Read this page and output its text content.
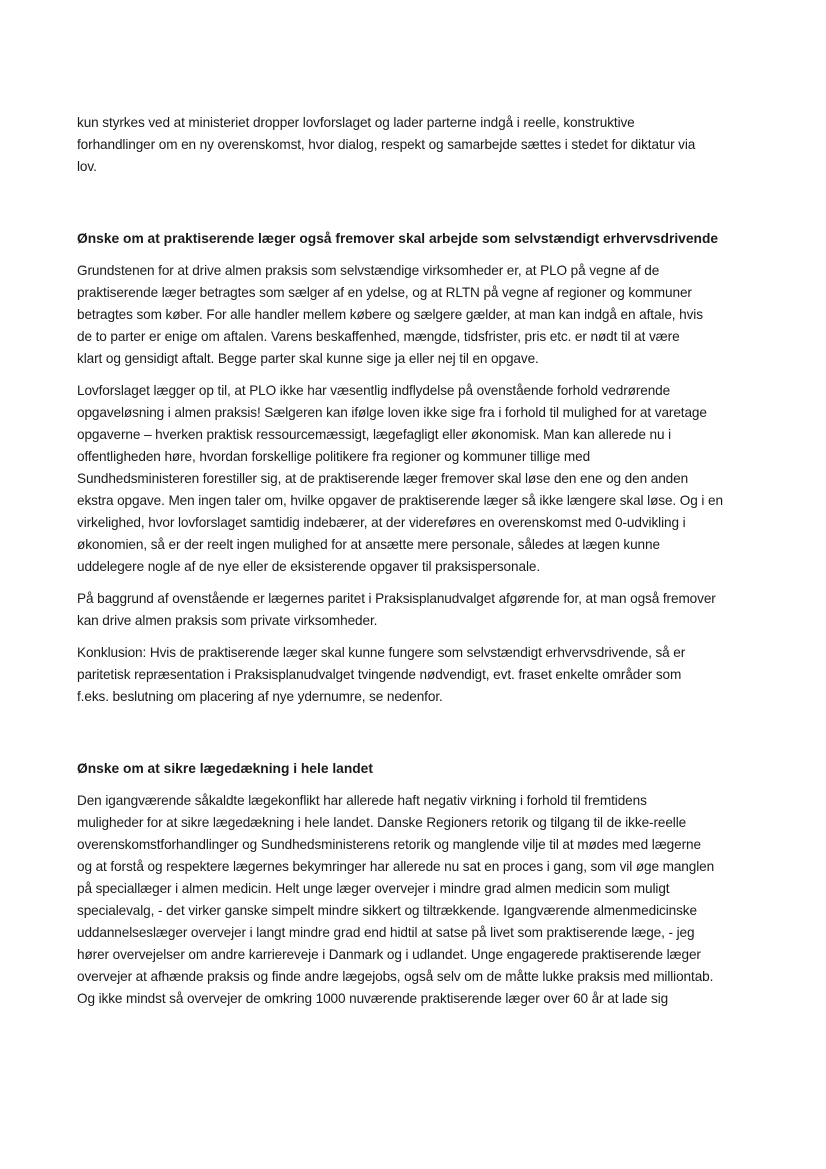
kun styrkes ved at ministeriet dropper lovforslaget og lader parterne indgå i reelle, konstruktive
forhandlinger om en ny overenskomst, hvor dialog, respekt og samarbejde sættes i stedet for diktatur via
lov.

Ønske om at praktiserende læger også fremover skal arbejde som selvstændigt erhvervsdrivende

Grundstenen for at drive almen praksis som selvstændige virksomheder er, at PLO på vegne af de
praktiserende læger betragtes som sælger af en ydelse, og at RLTN på vegne af regioner og kommuner
betragtes som køber. For alle handler mellem købere og sælgere gælder, at man kan indgå en aftale, hvis
de to parter er enige om aftalen. Varens beskaffenhed, mængde, tidsfrister, pris etc. er nødt til at være
klart og gensidigt aftalt. Begge parter skal kunne sige ja eller nej til en opgave.

Lovforslaget lægger op til, at PLO ikke har væsentlig indflydelse på ovenstående forhold vedrørende
opgaveløsning i almen praksis! Sælgeren kan ifølge loven ikke sige fra i forhold til mulighed for at varetage
opgaverne – hverken praktisk ressourcemæssigt, lægefagligt eller økonomisk. Man kan allerede nu i
offentligheden høre, hvordan forskellige politikere fra regioner og kommuner tillige med
Sundhedsministeren forestiller sig, at de praktiserende læger fremover skal løse den ene og den anden
ekstra opgave. Men ingen taler om, hvilke opgaver de praktiserende læger så ikke længere skal løse. Og i en
virkelighed, hvor lovforslaget samtidig indebærer, at der videreføres en overenskomst med 0-udvikling i
økonomien, så er der reelt ingen mulighed for at ansætte mere personale, således at lægen kunne
uddelegere nogle af de nye eller de eksisterende opgaver til praksispersonale.

På baggrund af ovenstående er lægernes paritet i Praksisplanudvalget afgørende for, at man også fremover
kan drive almen praksis som private virksomheder.

Konklusion: Hvis de praktiserende læger skal kunne fungere som selvstændigt erhvervsdrivende, så er
paritetisk repræsentation i Praksisplanudvalget tvingende nødvendigt, evt. fraset enkelte områder som
f.eks. beslutning om placering af nye ydernumre, se nedenfor.

Ønske om at sikre lægedækning i hele landet

Den igangværende såkaldte lægekonflikt har allerede haft negativ virkning i forhold til fremtidens
muligheder for at sikre lægedækning i hele landet. Danske Regioners retorik og tilgang til de ikke-reelle
overenskomstforhandlinger og Sundhedsministerens retorik og manglende vilje til at mødes med lægerne
og at forstå og respektere lægernes bekymringer har allerede nu sat en proces i gang, som vil øge manglen
på speciallæger i almen medicin. Helt unge læger overvejer i mindre grad almen medicin som muligt
specialevalg, - det virker ganske simpelt mindre sikkert og tiltrækkende. Igangværende almenmedicinske
uddannelseslæger overvejer i langt mindre grad end hidtil at satse på livet som praktiserende læge, - jeg
hører overvejelser om andre karriereveje i Danmark og i udlandet. Unge engagerede praktiserende læger
overvejer at afhænde praksis og finde andre lægejobs, også selv om de måtte lukke praksis med milliontab.
Og ikke mindst så overvejer de omkring 1000 nuværende praktiserende læger over 60 år at lade sig
